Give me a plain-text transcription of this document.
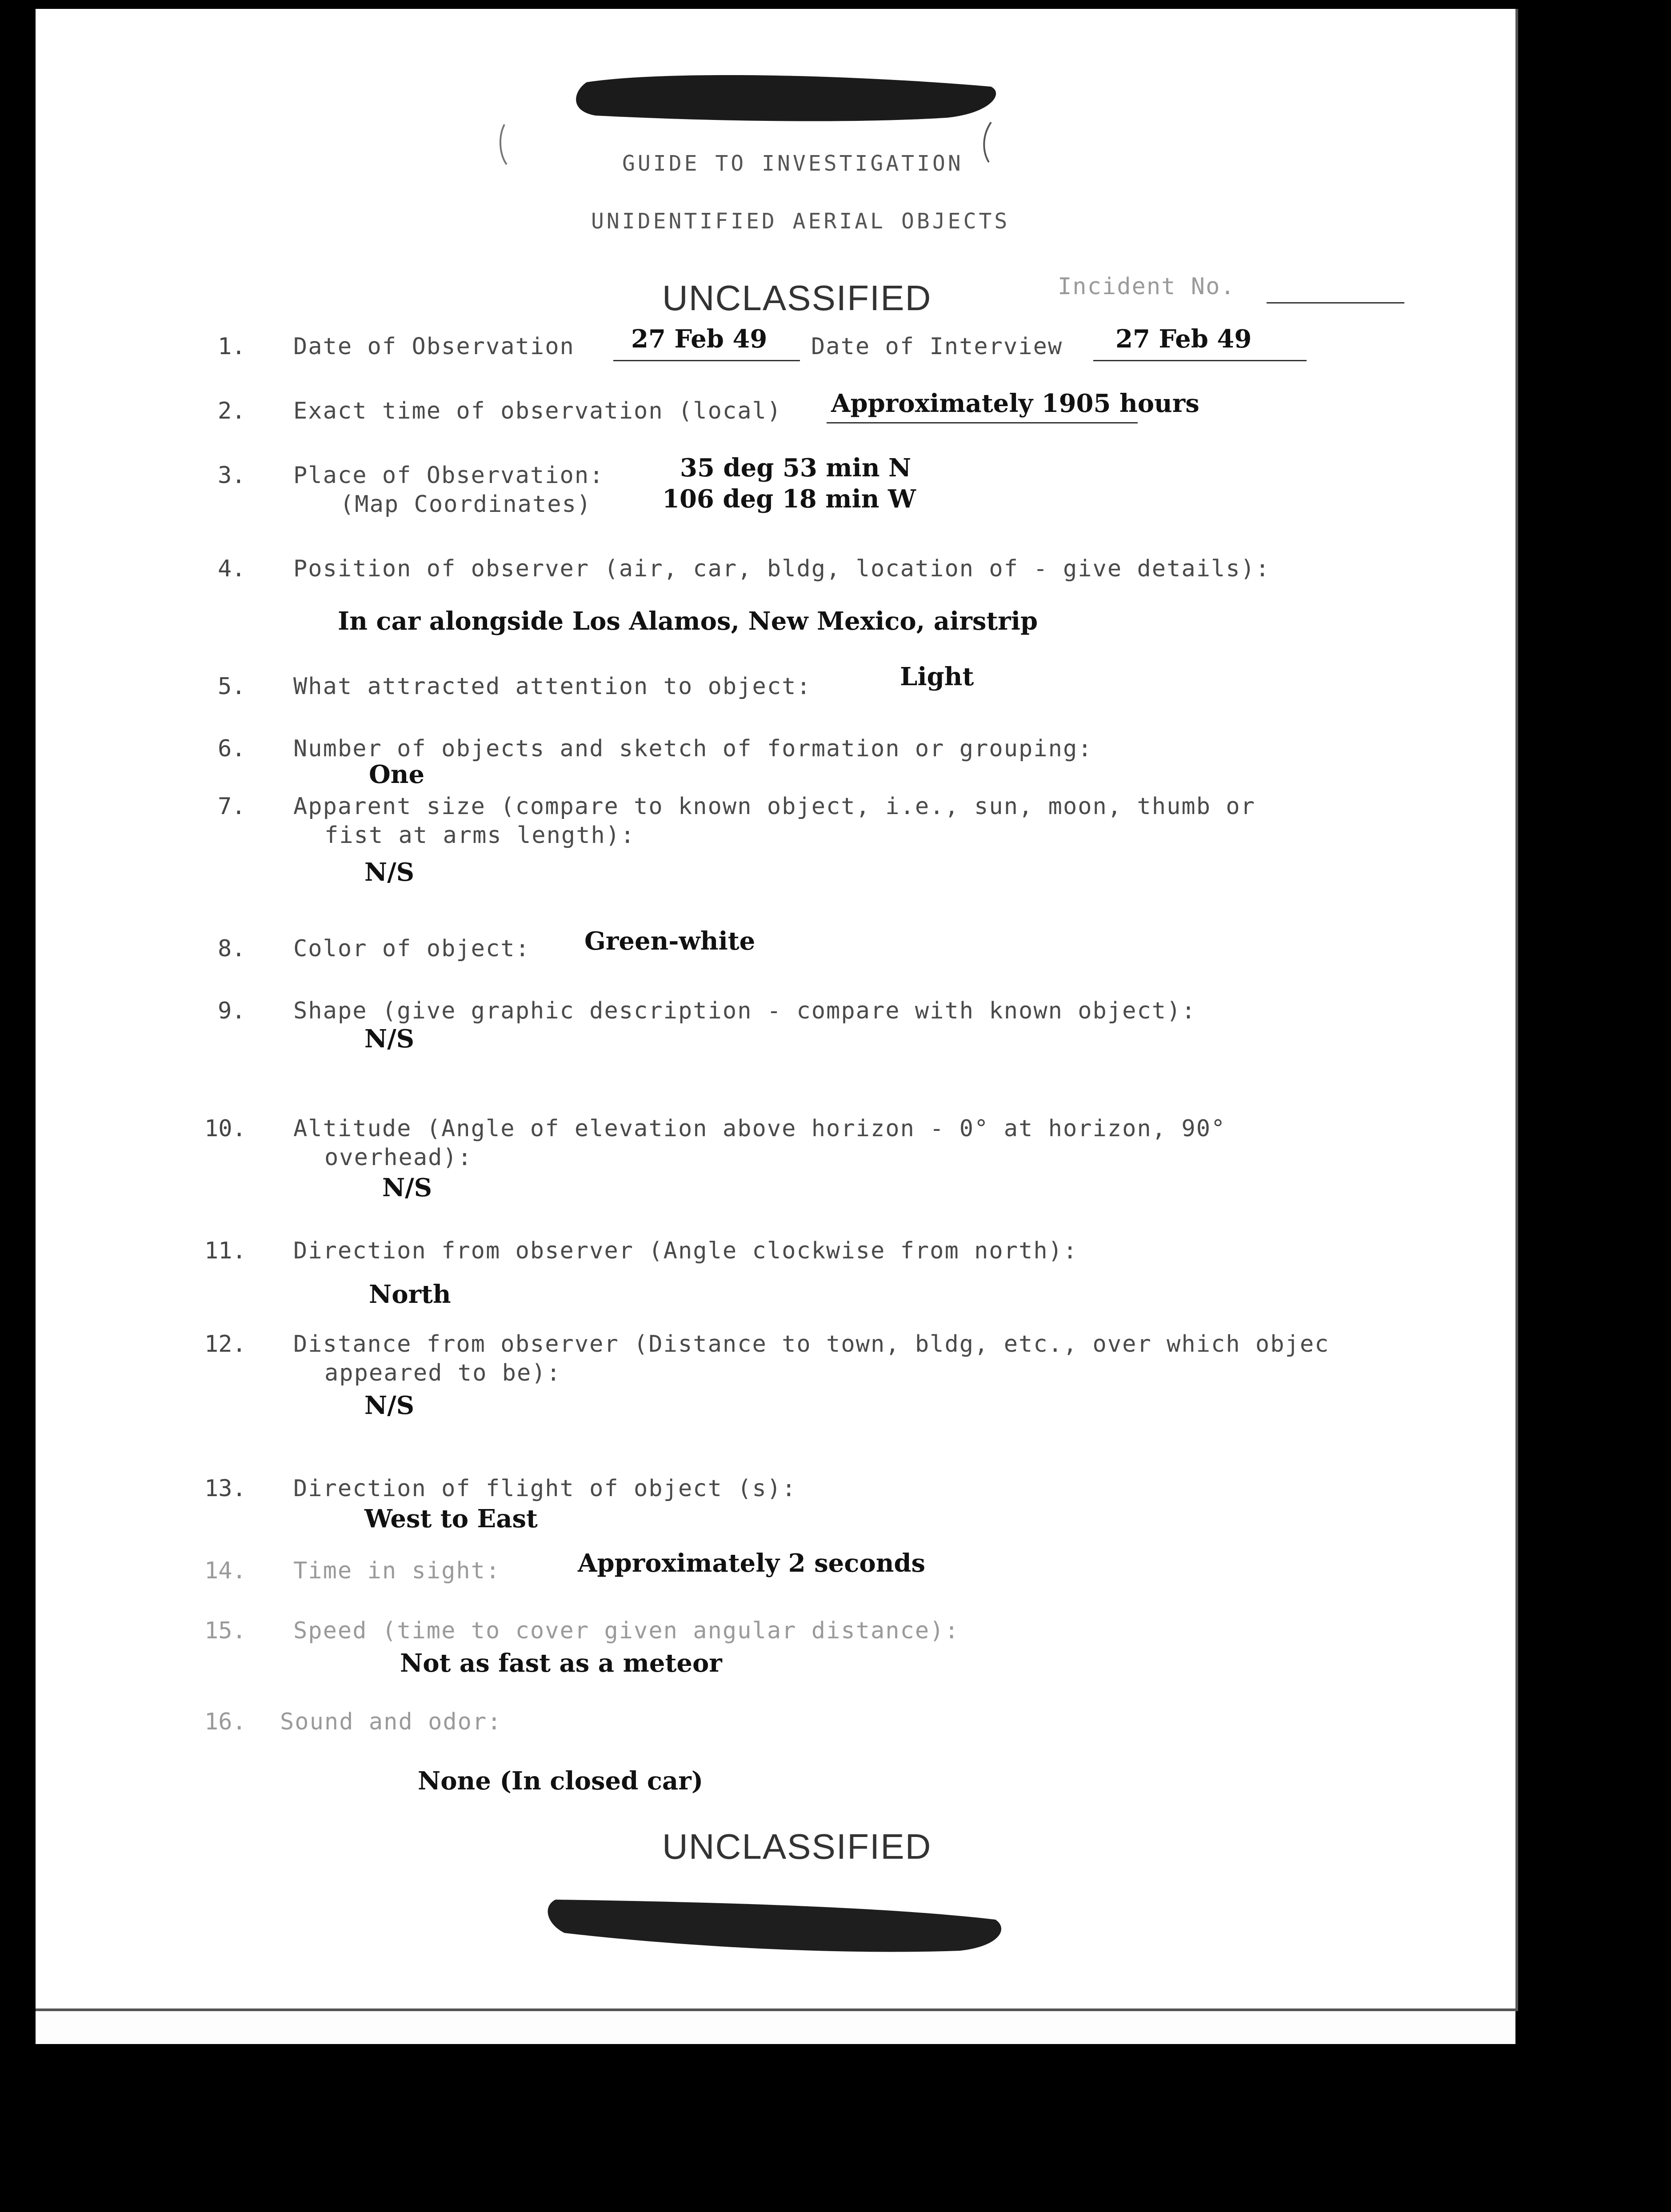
GUIDE TO INVESTIGATION
UNIDENTIFIED AERIAL OBJECTS
Incident No.
UNCLASSIFIED
1. Date of Observation 27 Feb 49 Date of Interview 27 Feb 49
2. Exact time of observation (local) Approximately 1905 hours
3. Place of Observation:
(Map Coordinates)
35 deg 53 min N
106 deg 18 min W
4. Position of observer (air, car, bldg, location of - give details):
In car alongside Los Alamos, New Mexico, airstrip
5. What attracted attention to object:	Light
6. Number of objects and sketch of formation or grouping:
One
7. Apparent size (compare to known object, i.e., sun, moon, thumb or
fist at arms length):
N/S
8. Color of object: Green-white
9. Shape (give graphic description - compare with known object):
N/S
10. Altitude (Angle of elevation above horizon - 0° at horizon, 90°
overhead):
N/S
11. Direction from observer (Angle clockwise from north):
North
12. Distance from observer (Distance to town, bldg, etc., over which objec
appeared to be):
N/S
13. Direction of flight of object (s):
West to East
14. Time in sight:	Approximately 2 seconds
15. Speed (time to cover given angular distance):
Not as fast as a meteor
16. Sound and odor:
None (In closed car)
UNCLASSIFIED
